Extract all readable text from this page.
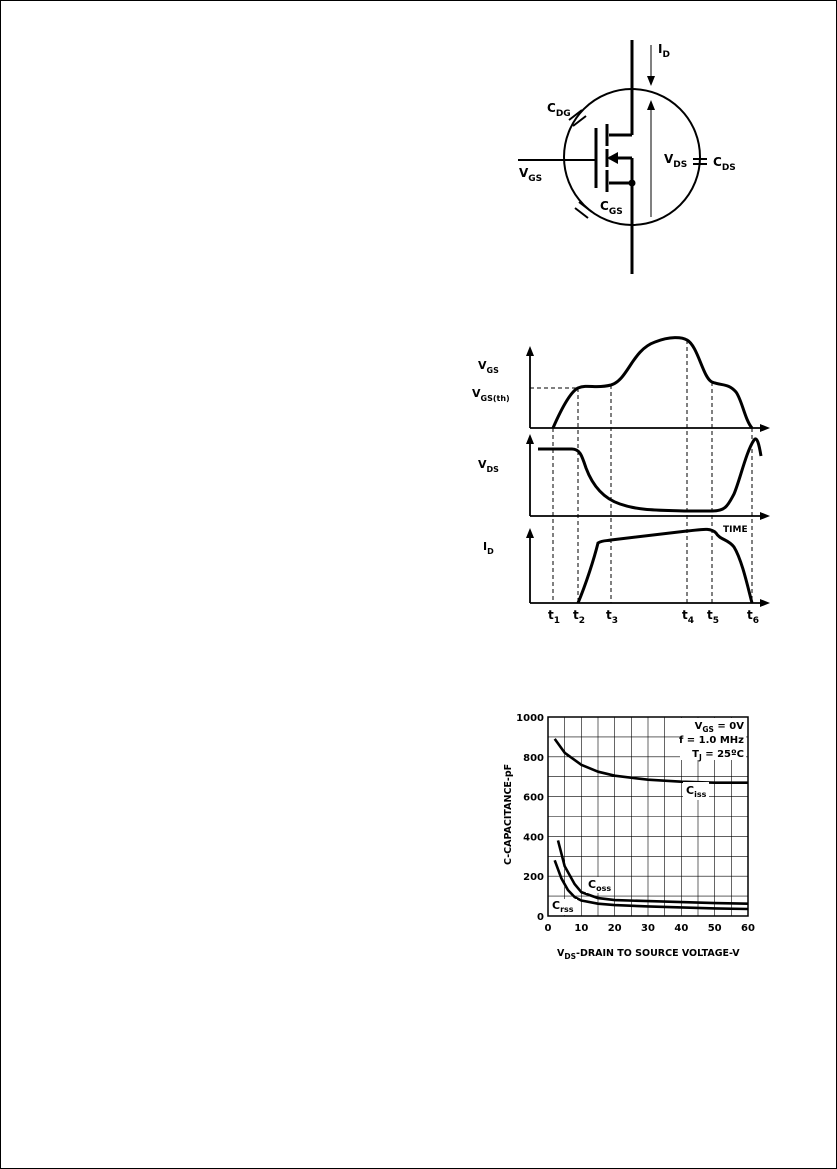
$I_D$
$C_{DG}$
$V_{GS}$
$C_{GS}$
$V_{DS}$ $C_{DS}$
$V_{GS}$
$V_{GS(th)}$
$V_{DS}$
$I_D$
TIME
$t_1$ $t_2$ $t_3$	$t_4$ $t_5$ $t_6$
0
200
400
600
800
1000
0 10 20 30 40 50 60
$V_{GS} = 0V$
f = 1.0 MHz
$T_J$ = 25ºC
$C_{iss}$
$C_{oss}$
$C_{rss}$
C-CAPACITANCE-pF
$V_{DS}$-DRAIN TO SOURCE VOLTAGE-V
